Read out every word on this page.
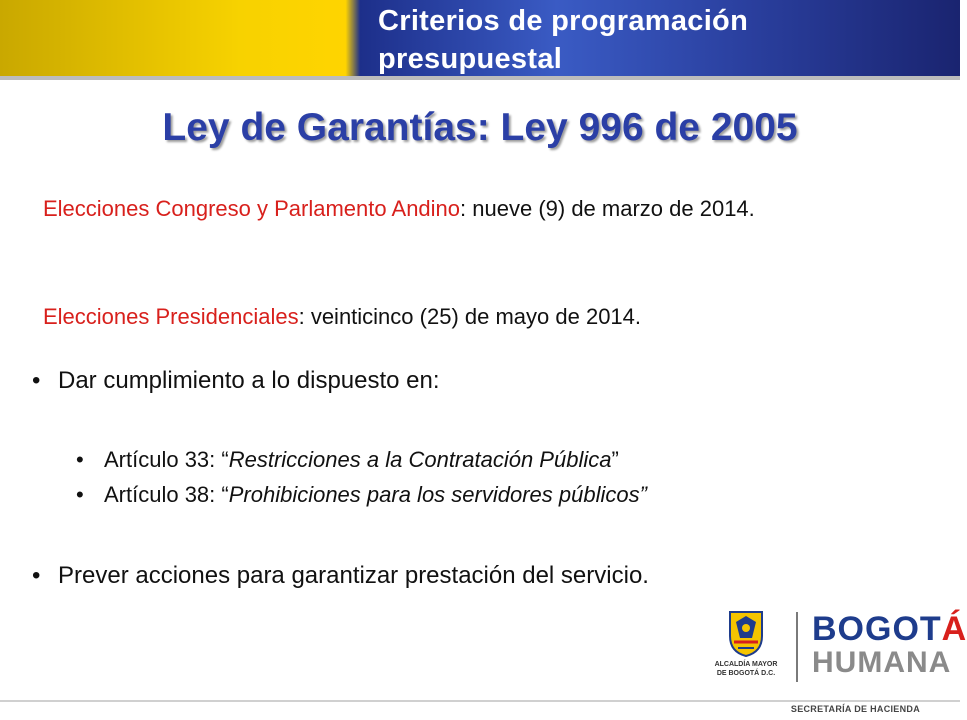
Criterios de programación
presupuestal
Ley de Garantías: Ley 996 de 2005
Elecciones Congreso y Parlamento Andino: nueve (9) de marzo de 2014.
Elecciones Presidenciales: veinticinco (25) de mayo de 2014.
• Dar cumplimiento a lo dispuesto en:
• Artículo 33: “Restricciones a la Contratación Pública”
• Artículo 38: “Prohibiciones para los servidores públicos”
• Prever acciones para garantizar prestación del servicio.
ALCALDÍA MAYOR
DE BOGOTÁ D.C.
BOGOTÁ
HUMANA
SECRETARÍA DE HACIENDA
